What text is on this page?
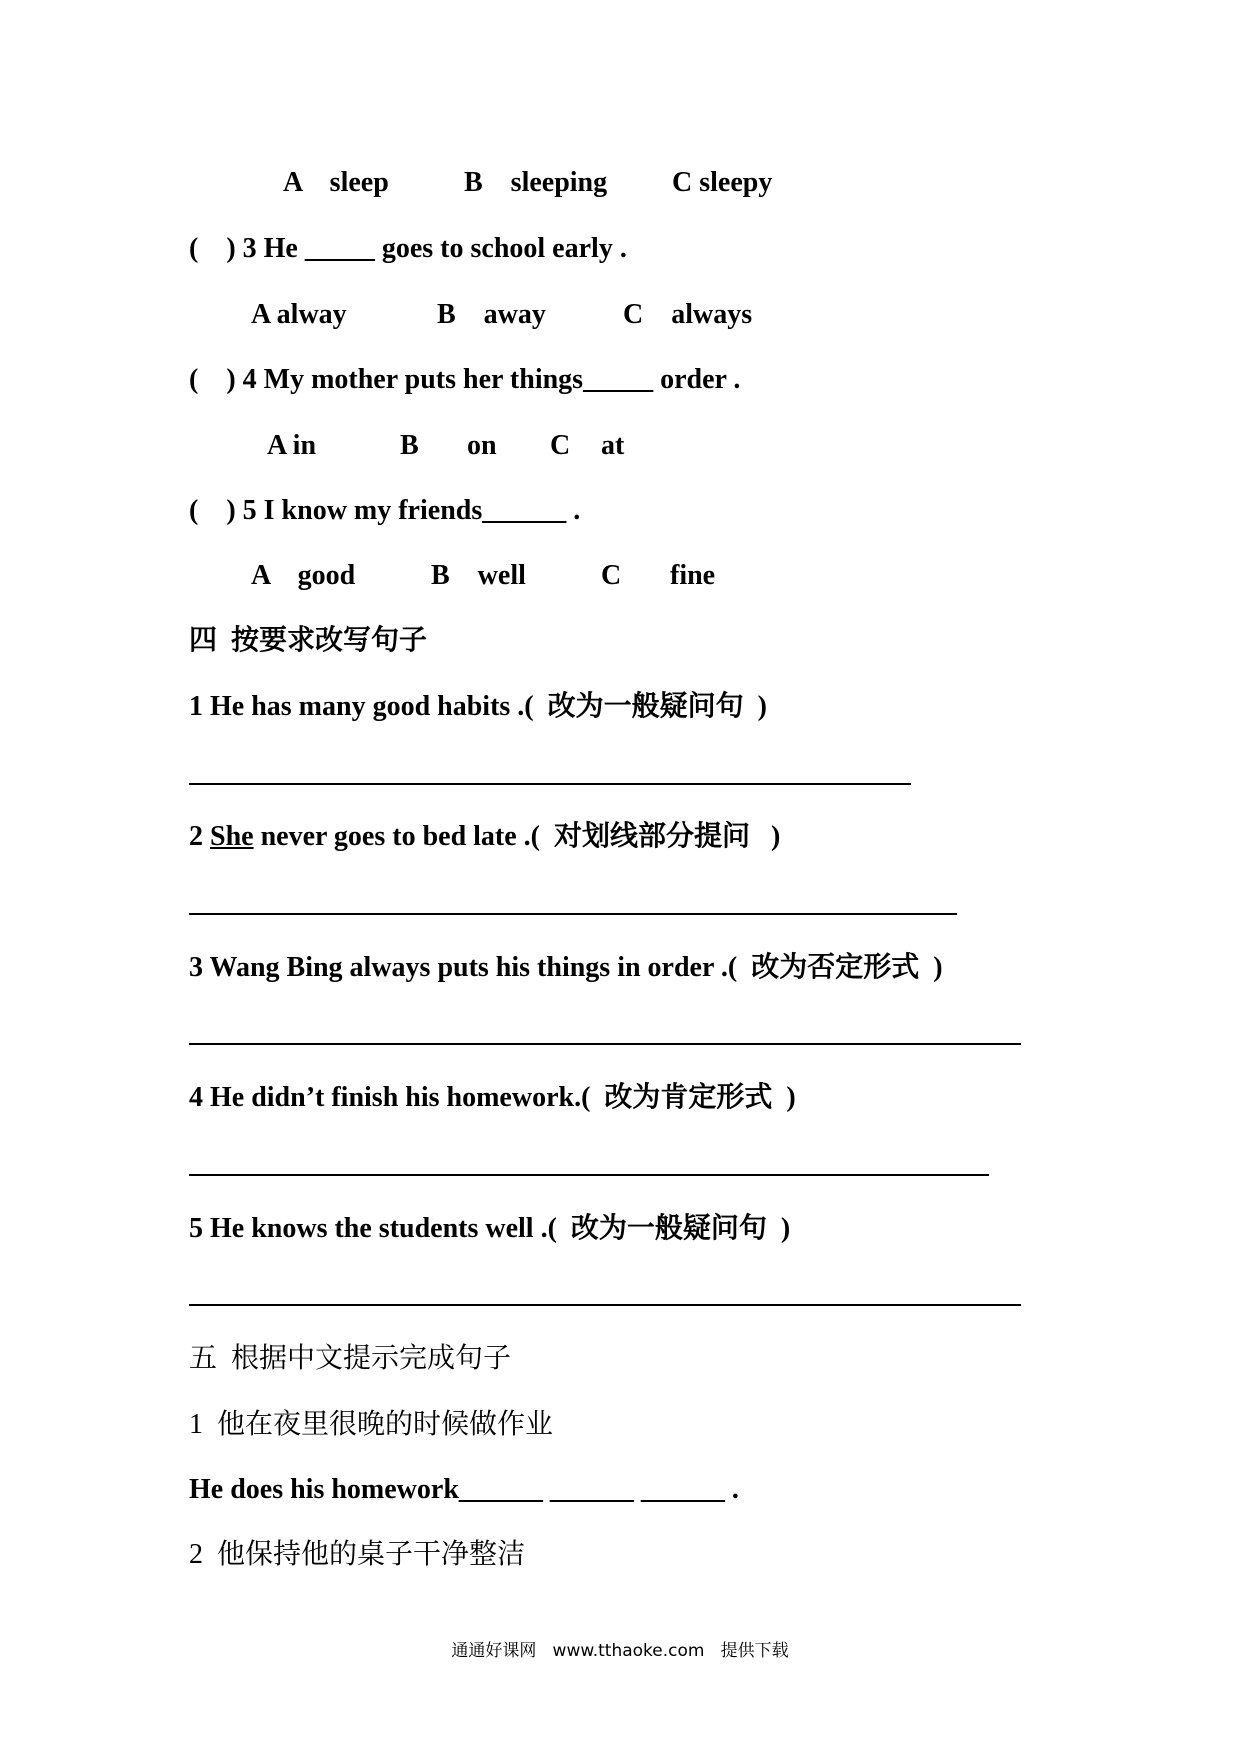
A    sleep	B    sleeping C sleepy
(    ) 3 He _____ goes to school early .
A alway	B    away	C    always
(    ) 4 My mother puts her things_____ order .
A in	B on C at
(    ) 5 I know my friends______ .
A    good	B    well	C fine
四  按要求改写句子
1 He has many good habits .(  改为一般疑问句  )
2 She never goes to bed late .(  对划线部分提问   )
3 Wang Bing always puts his things in order .(  改为否定形式  )
4 He didn’t finish his homework.(  改为肯定形式  )
5 He knows the students well .(  改为一般疑问句  )
五  根据中文提示完成句子
1  他在夜里很晚的时候做作业
He does his homework______ ______ ______ .
2  他保持他的桌子干净整洁
通通好课网   www.tthaoke.com   提供下载
